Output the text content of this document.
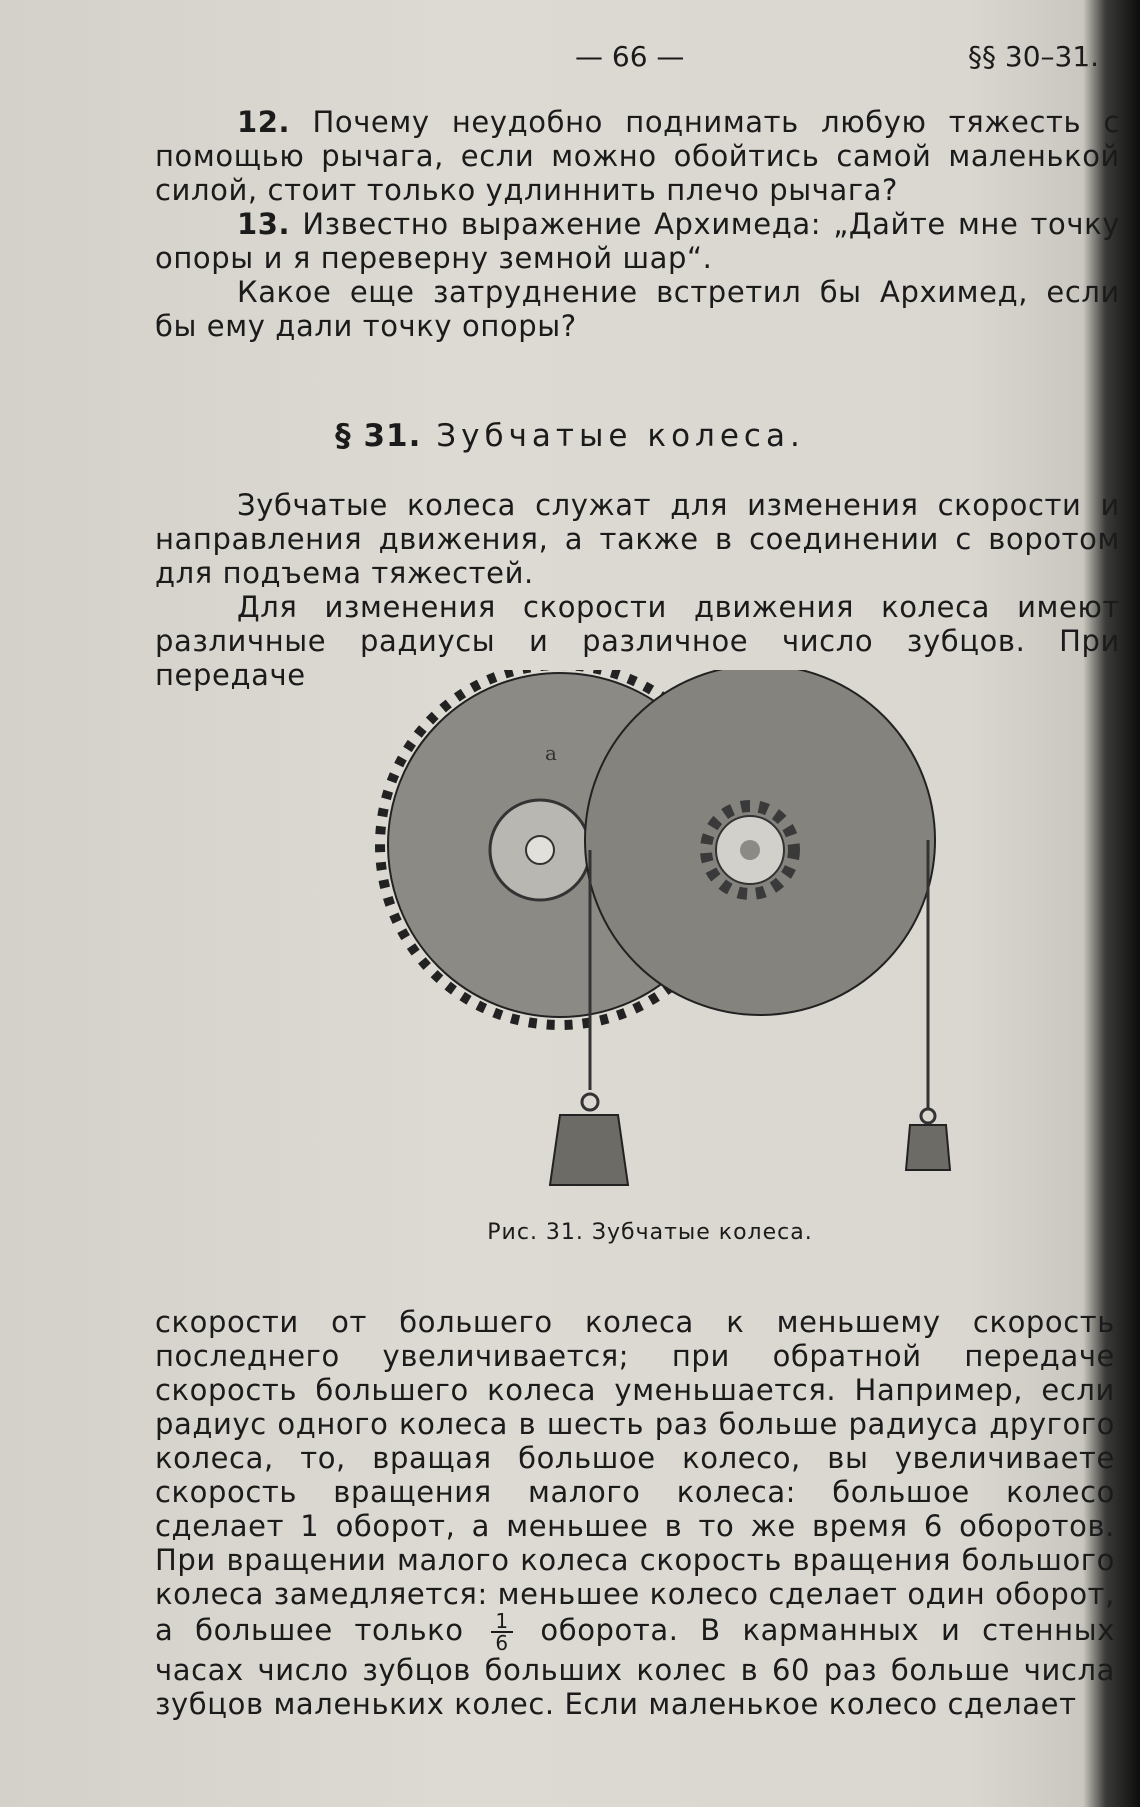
— 66 —	§§ 30–31.

12. Почему неудобно поднимать любую тяжесть с помощью рычага, если можно обойтись самой маленькой силой, стоит только удлиннить плечо рычага?

13. Известно выражение Архимеда: „Дайте мне точку опоры и я переверну земной шар“.

Какое еще затруднение встретил бы Архимед, если бы ему дали точку опоры?

§ 31. Зубчатые колеса.

Зубчатые колеса служат для изменения скорости и направления движения, а также в соединении с воротом для подъема тяжестей.

Для изменения скорости движения колеса имеют различные радиусы и различное число зубцов. При передаче

a
Рис. 31. Зубчатые колеса.

скорости от большего колеса к меньшему скорость последнего увеличивается; при обратной передаче скорость большего колеса уменьшается. Например, если радиус одного колеса в шесть раз больше радиуса другого колеса, то, вращая большое колесо, вы увеличиваете скорость вращения малого колеса: большое колесо сделает 1 оборот, а меньшее в то же время 6 оборотов. При вращении малого колеса скорость вращения большого колеса замедляется: меньшее колесо сделает один оборот, а большее только $\frac{1}{6}$ оборота. В карманных и стенных часах число зубцов больших колес в 60 раз больше числа зубцов маленьких колес. Если маленькое колесо сделает
